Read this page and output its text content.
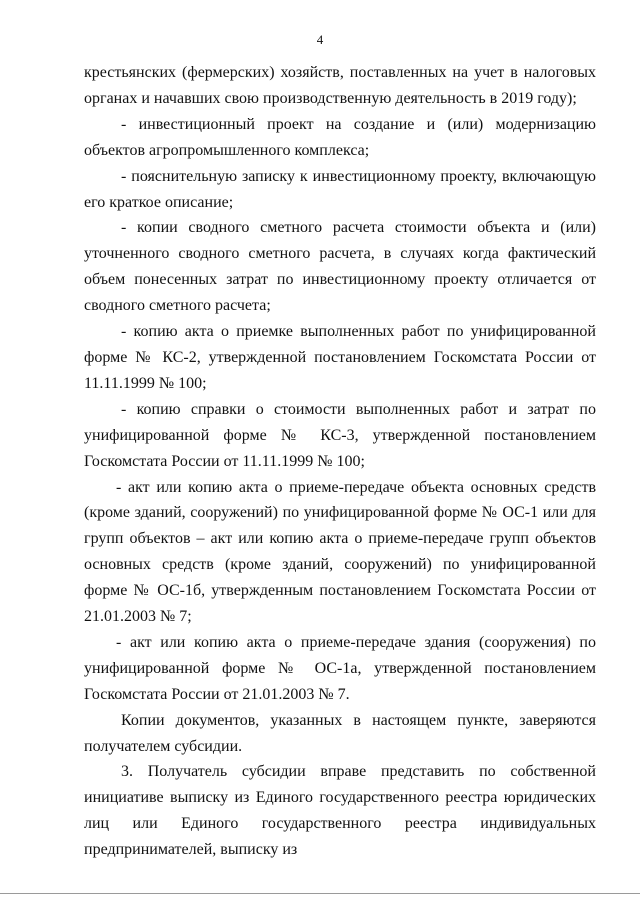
4

крестьянских (фермерских) хозяйств, поставленных на учет в налоговых органах и начавших свою производственную деятельность в 2019 году);

- инвестиционный проект на создание и (или) модернизацию объектов агропромышленного комплекса;

- пояснительную записку к инвестиционному проекту, включающую его краткое описание;

- копии сводного сметного расчета стоимости объекта и (или) уточненного сводного сметного расчета, в случаях когда фактический объем понесенных затрат по инвестиционному проекту отличается от сводного сметного расчета;

- копию акта о приемке выполненных работ по унифицированной форме № КС-2, утвержденной постановлением Госкомстата России от 11.11.1999 № 100;

- копию справки о стоимости выполненных работ и затрат по унифицированной форме № КС-3, утвержденной постановлением Госкомстата России от 11.11.1999 № 100;

- акт или копию акта о приеме-передаче объекта основных средств (кроме зданий, сооружений) по унифицированной форме № ОС-1 или для групп объектов – акт или копию акта о приеме-передаче групп объектов основных средств (кроме зданий, сооружений) по унифицированной форме № ОС-1б, утвержденным постановлением Госкомстата России от 21.01.2003 № 7;

- акт или копию акта о приеме-передаче здания (сооружения) по унифицированной форме № ОС-1а, утвержденной постановлением Госкомстата России от 21.01.2003 № 7.

Копии документов, указанных в настоящем пункте, заверяются получателем субсидии.

3. Получатель субсидии вправе представить по собственной инициативе выписку из Единого государственного реестра юридических лиц или Единого государственного реестра индивидуальных предпринимателей, выписку из
